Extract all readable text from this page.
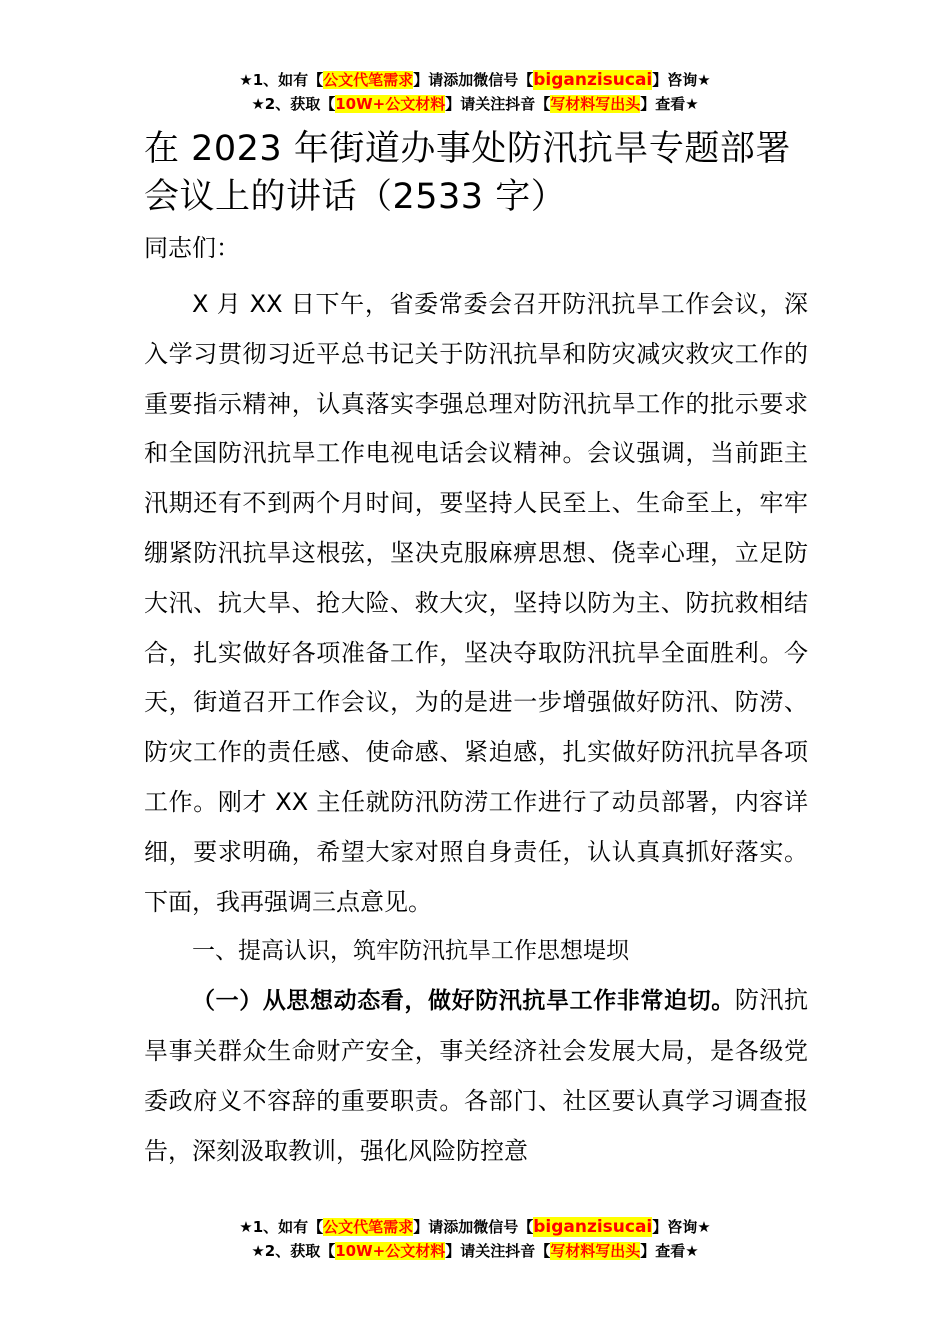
★1、如有【公文代笔需求】请添加微信号【biganzisucai】咨询★
★2、获取【10W+公文材料】请关注抖音【写材料写出头】查看★
在 2023 年街道办事处防汛抗旱专题部署会议上的讲话（2533 字）
同志们：

X 月 XX 日下午，省委常委会召开防汛抗旱工作会议，深入学习贯彻习近平总书记关于防汛抗旱和防灾减灾救灾工作的重要指示精神，认真落实李强总理对防汛抗旱工作的批示要求和全国防汛抗旱工作电视电话会议精神。会议强调，当前距主汛期还有不到两个月时间，要坚持人民至上、生命至上，牢牢绷紧防汛抗旱这根弦，坚决克服麻痹思想、侥幸心理，立足防大汛、抗大旱、抢大险、救大灾，坚持以防为主、防抗救相结合，扎实做好各项准备工作，坚决夺取防汛抗旱全面胜利。今天，街道召开工作会议，为的是进一步增强做好防汛、防涝、防灾工作的责任感、使命感、紧迫感，扎实做好防汛抗旱各项工作。刚才 XX 主任就防汛防涝工作进行了动员部署，内容详细，要求明确，希望大家对照自身责任，认认真真抓好落实。下面，我再强调三点意见。

一、提高认识，筑牢防汛抗旱工作思想堤坝

（一）从思想动态看，做好防汛抗旱工作非常迫切。防汛抗旱事关群众生命财产安全，事关经济社会发展大局，是各级党委政府义不容辞的重要职责。各部门、社区要认真学习调查报告，深刻汲取教训，强化风险防控意

★1、如有【公文代笔需求】请添加微信号【biganzisucai】咨询★
★2、获取【10W+公文材料】请关注抖音【写材料写出头】查看★
